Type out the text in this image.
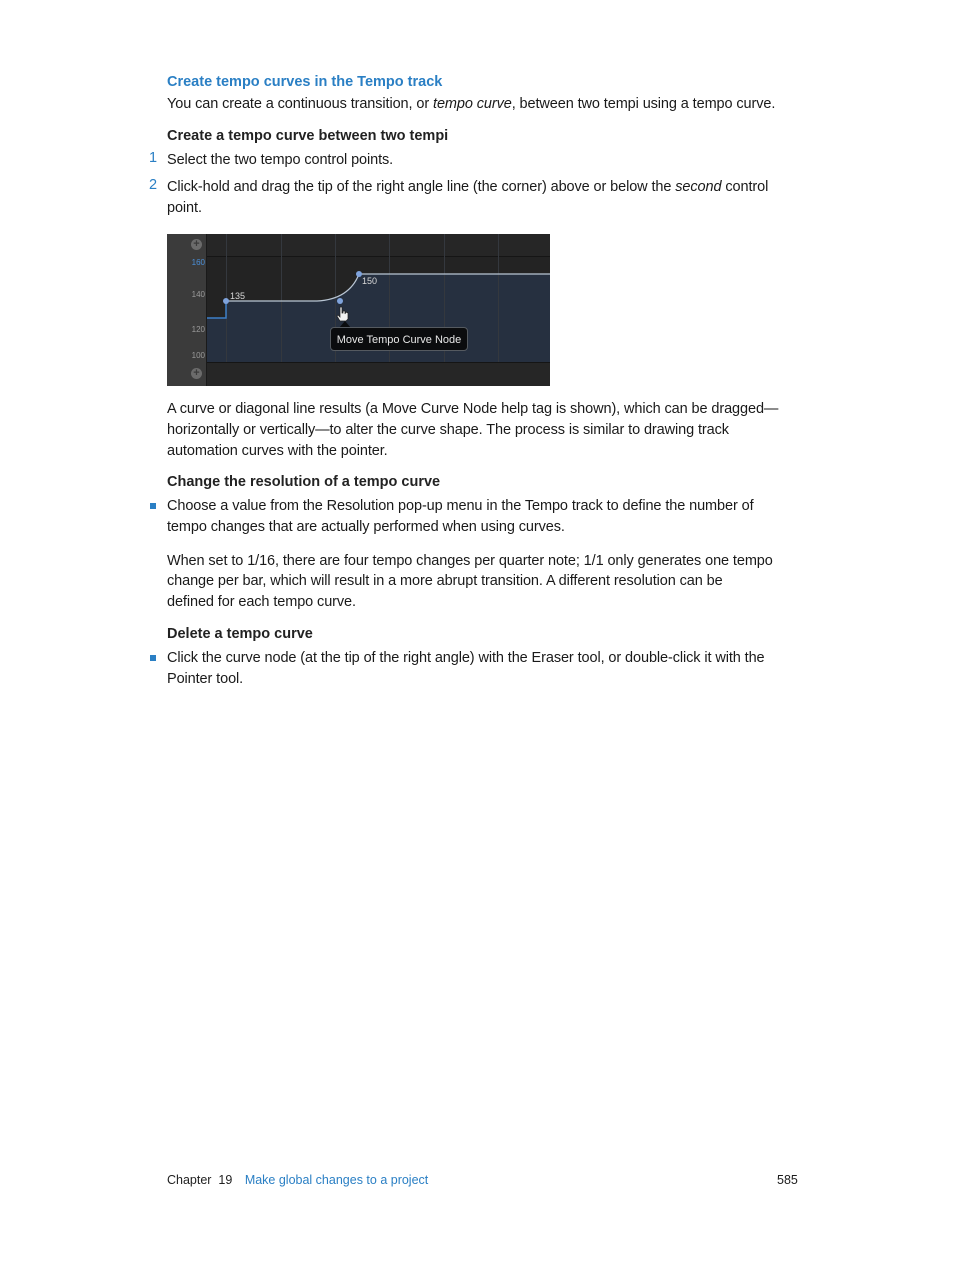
Create tempo curves in the Tempo track
You can create a continuous transition, or tempo curve, between two tempi using a tempo curve.
Create a tempo curve between two tempi
1 Select the two tempo control points.
2 Click-hold and drag the tip of the right angle line (the corner) above or below the second control
point.
+
+
160
140
120
100
135
150
Move Tempo Curve Node
A curve or diagonal line results (a Move Curve Node help tag is shown), which can be dragged—
horizontally or vertically—to alter the curve shape. The process is similar to drawing track
automation curves with the pointer.
Change the resolution of a tempo curve
Choose a value from the Resolution pop-up menu in the Tempo track to define the number of
tempo changes that are actually performed when using curves.
When set to 1/16, there are four tempo changes per quarter note; 1/1 only generates one tempo
change per bar, which will result in a more abrupt transition. A different resolution can be
defined for each tempo curve.
Delete a tempo curve
Click the curve node (at the tip of the right angle) with the Eraser tool, or double-click it with the
Pointer tool.
Chapter  19 Make global changes to a project	585
